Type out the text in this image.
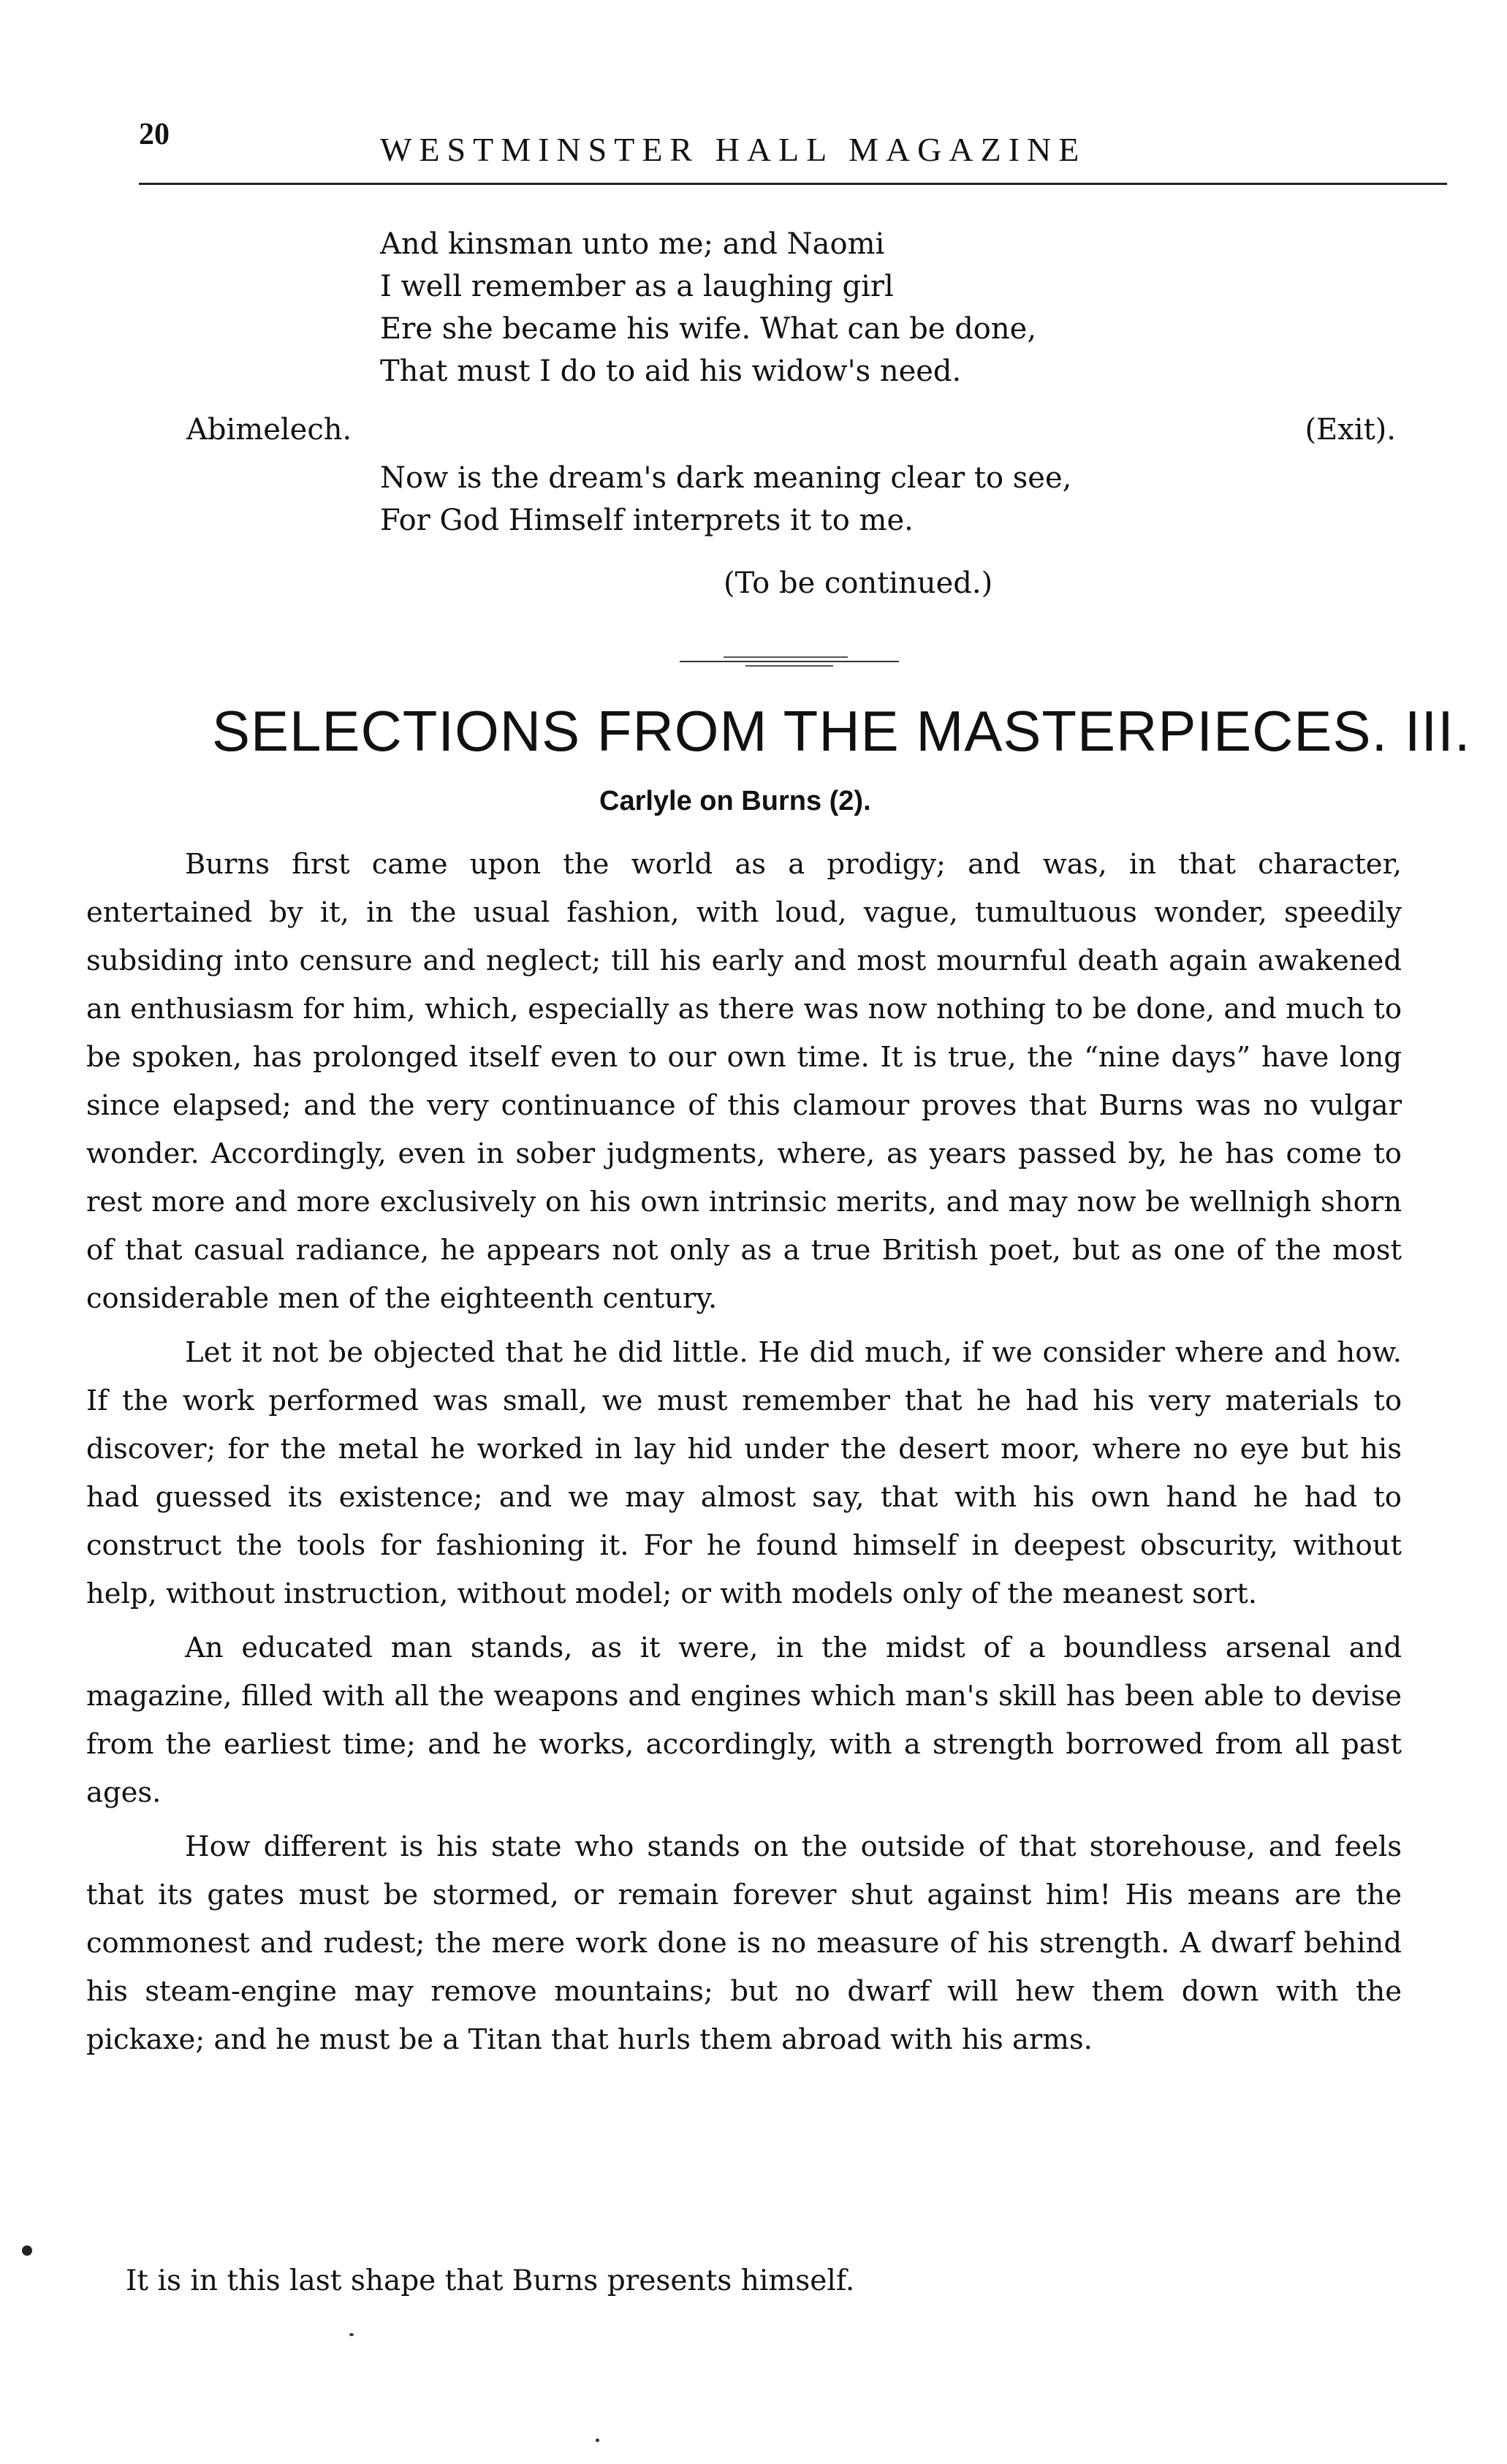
20	WESTMINSTER HALL MAGAZINE
And kinsman unto me; and Naomi
I well remember as a laughing girl
Ere she became his wife. What can be done,
That must I do to aid his widow's need.
Abimelech.	(Exit).
Now is the dream's dark meaning clear to see,
For God Himself interprets it to me.
(To be continued.)
SELECTIONS FROM THE MASTERPIECES. III.
Carlyle on Burns (2).

Burns first came upon the world as a prodigy; and was, in that character, entertained by it, in the usual fashion, with loud, vague, tumultuous wonder, speedily subsiding into censure and neglect; till his early and most mournful death again awakened an enthusiasm for him, which, especially as there was now nothing to be done, and much to be spoken, has prolonged itself even to our own time. It is true, the “nine days” have long since elapsed; and the very continuance of this clamour proves that Burns was no vulgar wonder. Accordingly, even in sober judgments, where, as years passed by, he has come to rest more and more exclusively on his own intrinsic merits, and may now be wellnigh shorn of that casual radiance, he appears not only as a true British poet, but as one of the most considerable men of the eighteenth century.

Let it not be objected that he did little. He did much, if we consider where and how. If the work performed was small, we must remember that he had his very materials to discover; for the metal he worked in lay hid under the desert moor, where no eye but his had guessed its existence; and we may almost say, that with his own hand he had to construct the tools for fashioning it. For he found himself in deepest obscurity, without help, without instruction, without model; or with models only of the meanest sort.

An educated man stands, as it were, in the midst of a boundless arsenal and magazine, filled with all the weapons and engines which man's skill has been able to devise from the earliest time; and he works, accordingly, with a strength borrowed from all past ages.

How different is his state who stands on the outside of that storehouse, and feels that its gates must be stormed, or remain forever shut against him! His means are the commonest and rudest; the mere work done is no measure of his strength. A dwarf behind his steam-engine may remove mountains; but no dwarf will hew them down with the pickaxe; and he must be a Titan that hurls them abroad with his arms.

It is in this last shape that Burns presents himself.
